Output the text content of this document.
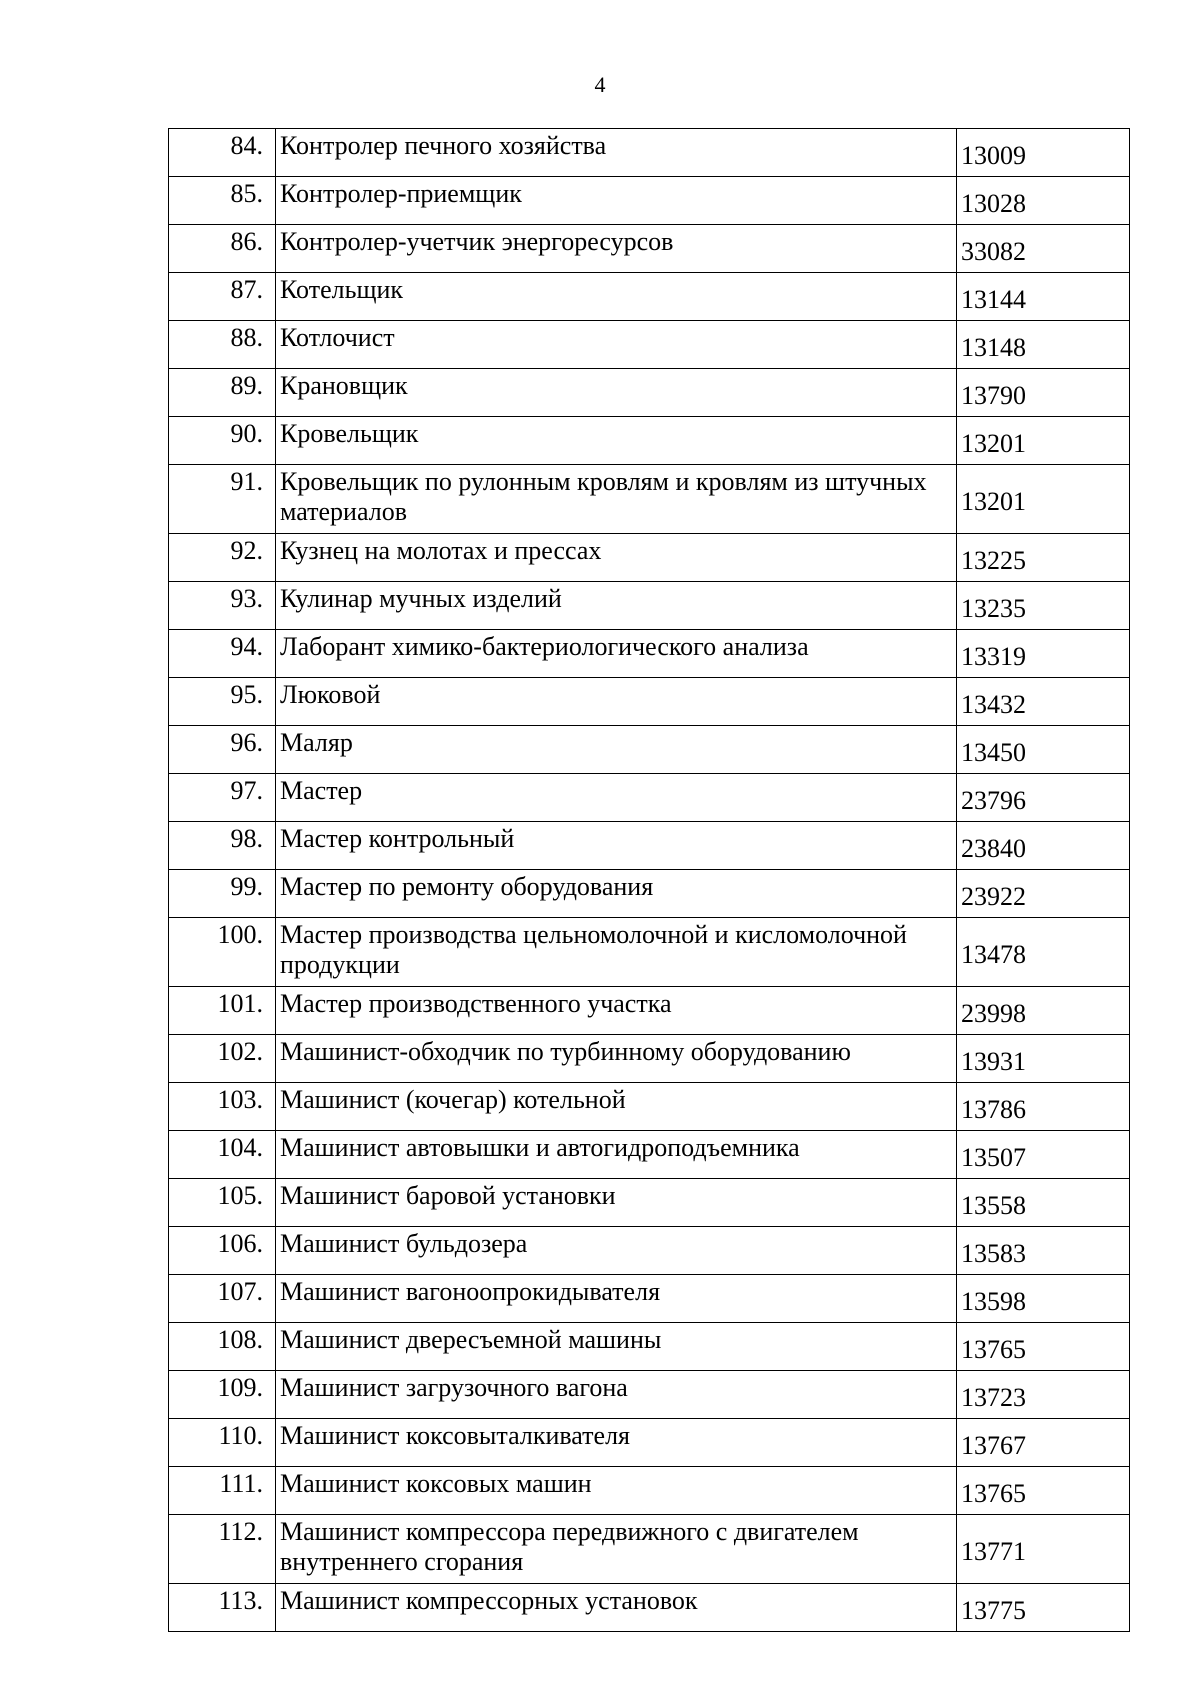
4
84.	Контролер печного хозяйства	13009
85.	Контролер-приемщик	13028
86.	Контролер-учетчик энергоресурсов	33082
87.	Котельщик	13144
88.	Котлочист	13148
89.	Крановщик	13790
90.	Кровельщик	13201
91.	Кровельщик по рулонным кровлям и кровлям из штучных материалов	13201
92.	Кузнец на молотах и прессах	13225
93.	Кулинар мучных изделий	13235
94.	Лаборант химико-бактериологического анализа	13319
95.	Люковой	13432
96.	Маляр	13450
97.	Мастер	23796
98.	Мастер контрольный	23840
99.	Мастер по ремонту оборудования	23922
100.	Мастер производства цельномолочной и кисломолочной продукции	13478
101.	Мастер производственного участка	23998
102.	Машинист-обходчик по турбинному оборудованию	13931
103.	Машинист (кочегар) котельной	13786
104.	Машинист автовышки и автогидроподъемника	13507
105.	Машинист баровой установки	13558
106.	Машинист бульдозера	13583
107.	Машинист вагоноопрокидывателя	13598
108.	Машинист двересъемной машины	13765
109.	Машинист загрузочного вагона	13723
110.	Машинист коксовыталкивателя	13767
111.	Машинист коксовых машин	13765
112.	Машинист компрессора передвижного с двигателем внутреннего сгорания	13771
113.	Машинист компрессорных установок	13775
